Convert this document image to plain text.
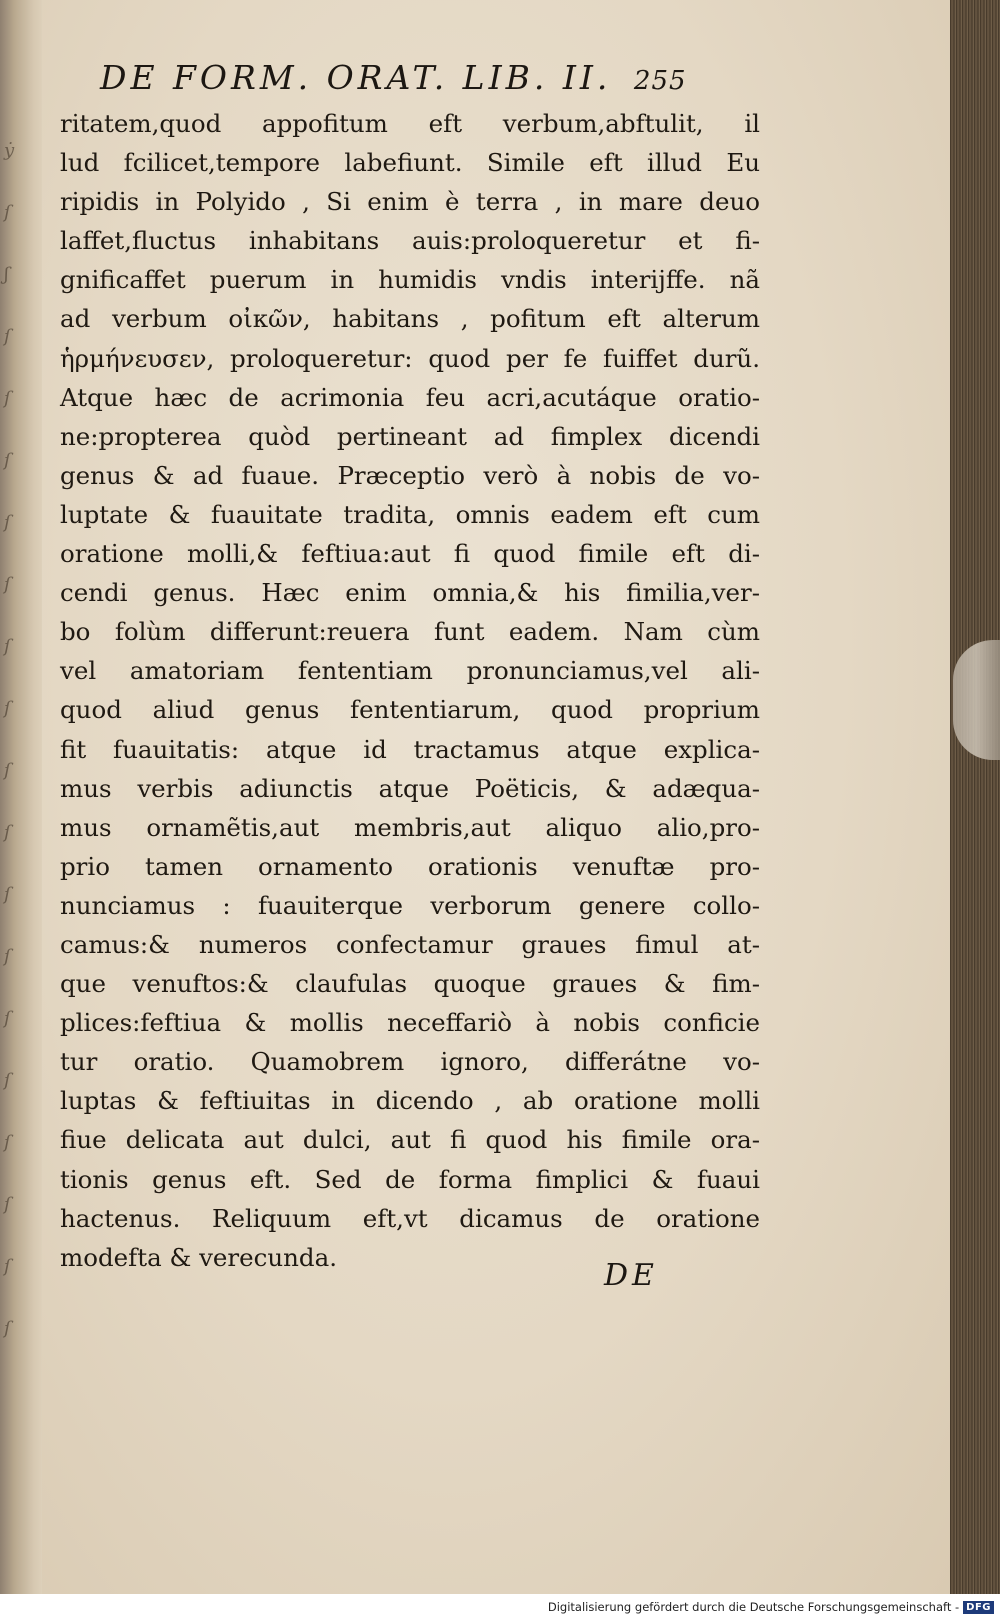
ẏ
ſ
ʃ
ſ
ſ
ſ
ſ
ſ
ſ
ſ
ſ
ſ
ſ
ſ
ſ
ſ
ſ
ſ
ſ
ſ
DE FORM. ORAT. LIB. II. 255
ritatem,quod appofitum eft verbum,abftulit, il
lud fcilicet,tempore labefiunt. Simile eft illud Eu
ripidis in Polyido , Si enim è terra , in mare deuo
laffet,fluctus inhabitans auis:proloqueretur et fi-
gnificaffet puerum in humidis vndis interijffe. nã
ad verbum οἰκῶν, habitans , pofitum eft alterum
ἡρμήνευσεν, proloqueretur: quod per fe fuiffet durũ.
Atque hæc de acrimonia feu acri,acutáque oratio-
ne:propterea quòd pertineant ad fimplex dicendi
genus & ad fuaue. Præceptio verò à nobis de vo-
luptate & fuauitate tradita, omnis eadem eft cum
oratione molli,& feftiua:aut fi quod fimile eft di-
cendi genus. Hæc enim omnia,& his fimilia,ver-
bo folùm differunt:reuera funt eadem. Nam cùm
vel amatoriam fententiam pronunciamus,vel ali-
quod aliud genus fententiarum, quod proprium
fit fuauitatis: atque id tractamus atque explica-
mus verbis adiunctis atque Poëticis, & adæqua-
mus ornamẽtis,aut membris,aut aliquo alio,pro-
prio tamen ornamento orationis venuftæ pro-
nunciamus : fuauiterque verborum genere collo-
camus:& numeros confectamur graues fimul at-
que venuftos:& claufulas quoque graues & fim-
plices:feftiua & mollis neceffariò à nobis conficie
tur oratio. Quamobrem ignoro, differátne vo-
luptas & feftiuitas in dicendo , ab oratione molli
fiue delicata aut dulci, aut fi quod his fimile ora-
tionis genus eft. Sed de forma fimplici & fuaui
hactenus. Reliquum eft,vt dicamus de oratione
modefta & verecunda.
DE
Digitalisierung gefördert durch die Deutsche Forschungsgemeinschaft - DFG
